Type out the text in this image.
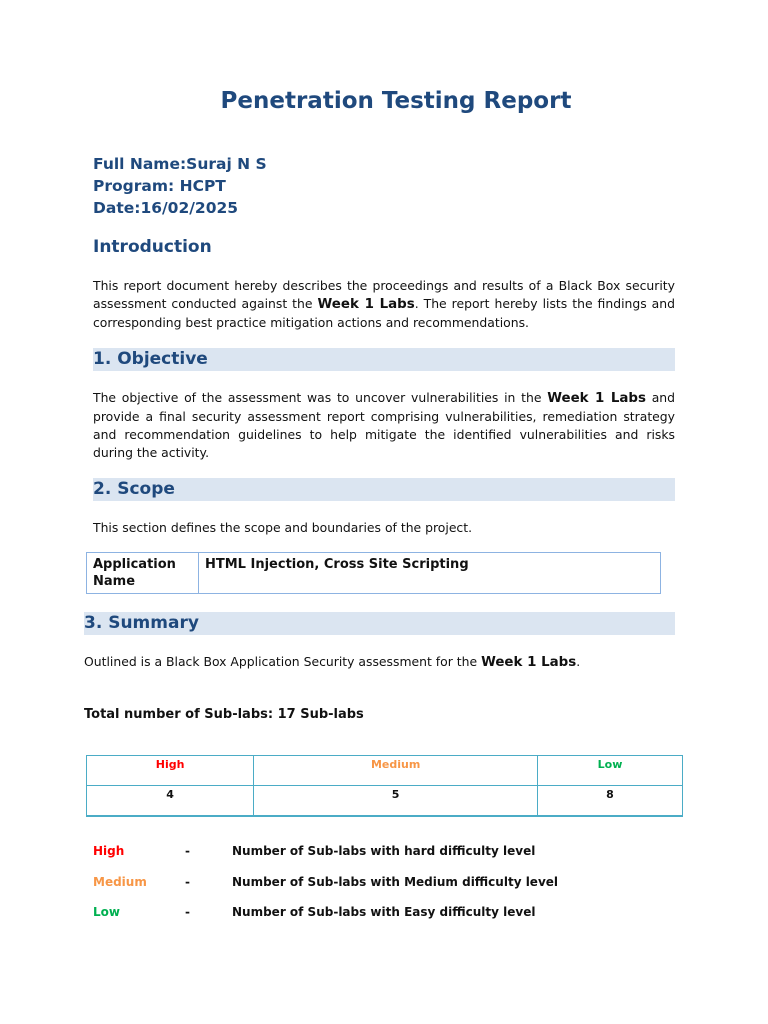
Penetration Testing Report
Full Name:Suraj N S
Program: HCPT
Date:16/02/2025
Introduction
This report document hereby describes the proceedings and results of a Black Box security assessment conducted against the Week 1 Labs. The report hereby lists the findings and corresponding best practice mitigation actions and recommendations.
1. Objective
The objective of the assessment was to uncover vulnerabilities in the Week 1 Labs and provide a final security assessment report comprising vulnerabilities, remediation strategy and recommendation guidelines to help mitigate the identified vulnerabilities and risks during the activity.
2. Scope
This section defines the scope and boundaries of the project.
Application Name	HTML Injection, Cross Site Scripting
3. Summary
Outlined is a Black Box Application Security assessment for the Week 1 Labs.
Total number of Sub-labs: 17 Sub-labs
High	Medium	Low
4	5	8
High	-	Number of Sub-labs with hard difficulty level
Medium	-	Number of Sub-labs with Medium difficulty level
Low	-	Number of Sub-labs with Easy difficulty level
